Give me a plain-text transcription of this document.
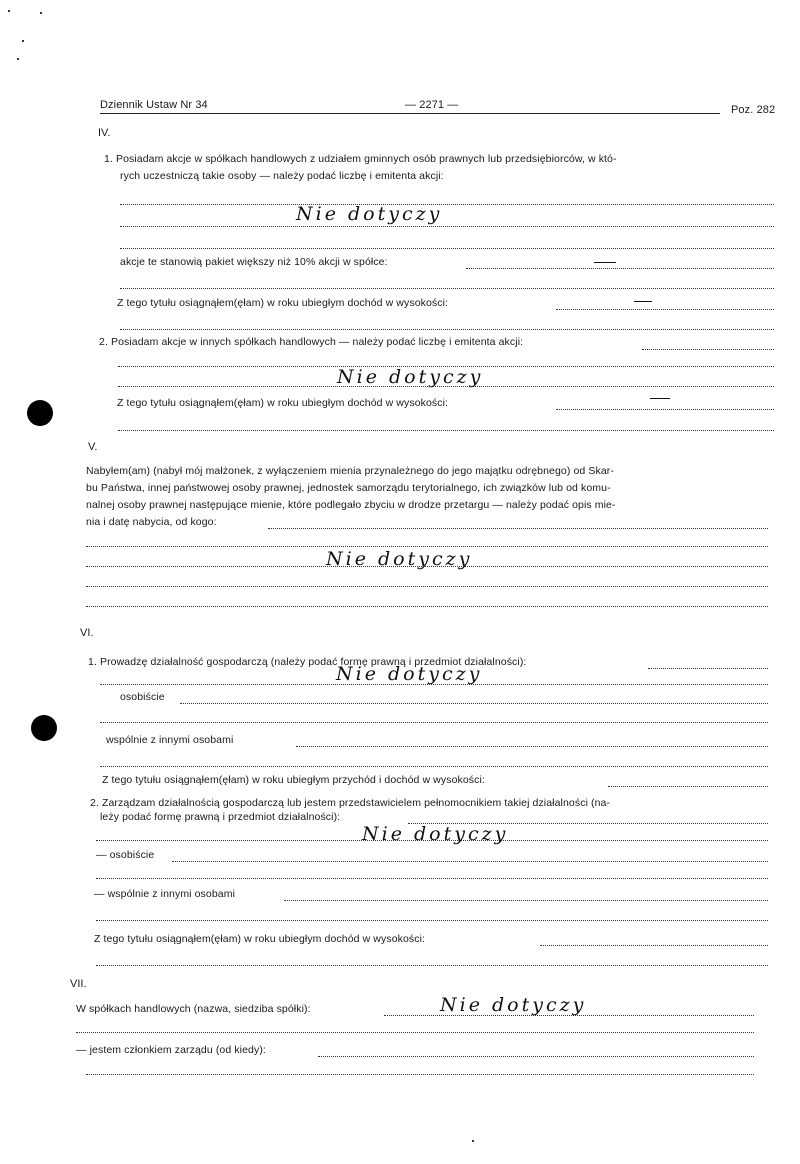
Dziennik Ustaw Nr 34	— 2271 —	Poz. 282
IV.
1. Posiadam akcje w spółkach handlowych z udziałem gminnych osób prawnych lub przedsiębiorców, w któ-
rych uczestniczą takie osoby — należy podać liczbę i emitenta akcji:
Nie dotyczy
akcje te stanowią pakiet większy niż 10% akcji w spółce:
Z tego tytułu osiągnąłem(ęłam) w roku ubiegłym dochód w wysokości:
2. Posiadam akcje w innych spółkach handlowych — należy podać liczbę i emitenta akcji:
Nie dotyczy
Z tego tytułu osiągnąłem(ęłam) w roku ubiegłym dochód w wysokości:
V.
Nabyłem(am) (nabył mój małżonek, z wyłączeniem mienia przynależnego do jego majątku odrębnego) od Skar-
bu Państwa, innej państwowej osoby prawnej, jednostek samorządu terytorialnego, ich związków lub od komu-
nalnej osoby prawnej następujące mienie, które podlegało zbyciu w drodze przetargu — należy podać opis mie-
nia i datę nabycia, od kogo:
Nie dotyczy
VI.
1. Prowadzę działalność gospodarczą (należy podać formę prawną i przedmiot działalności):
Nie dotyczy
osobiście
wspólnie z innymi osobami
Z tego tytułu osiągnąłem(ęłam) w roku ubiegłym przychód i dochód w wysokości:
2. Zarządzam działalnością gospodarczą lub jestem przedstawicielem pełnomocnikiem takiej działalności (na-
leży podać formę prawną i przedmiot działalności):
Nie dotyczy
— osobiście
— wspólnie z innymi osobami
Z tego tytułu osiągnąłem(ęłam) w roku ubiegłym dochód w wysokości:
VII.
W spółkach handlowych (nazwa, siedziba spółki):	Nie dotyczy
— jestem członkiem zarządu (od kiedy):
